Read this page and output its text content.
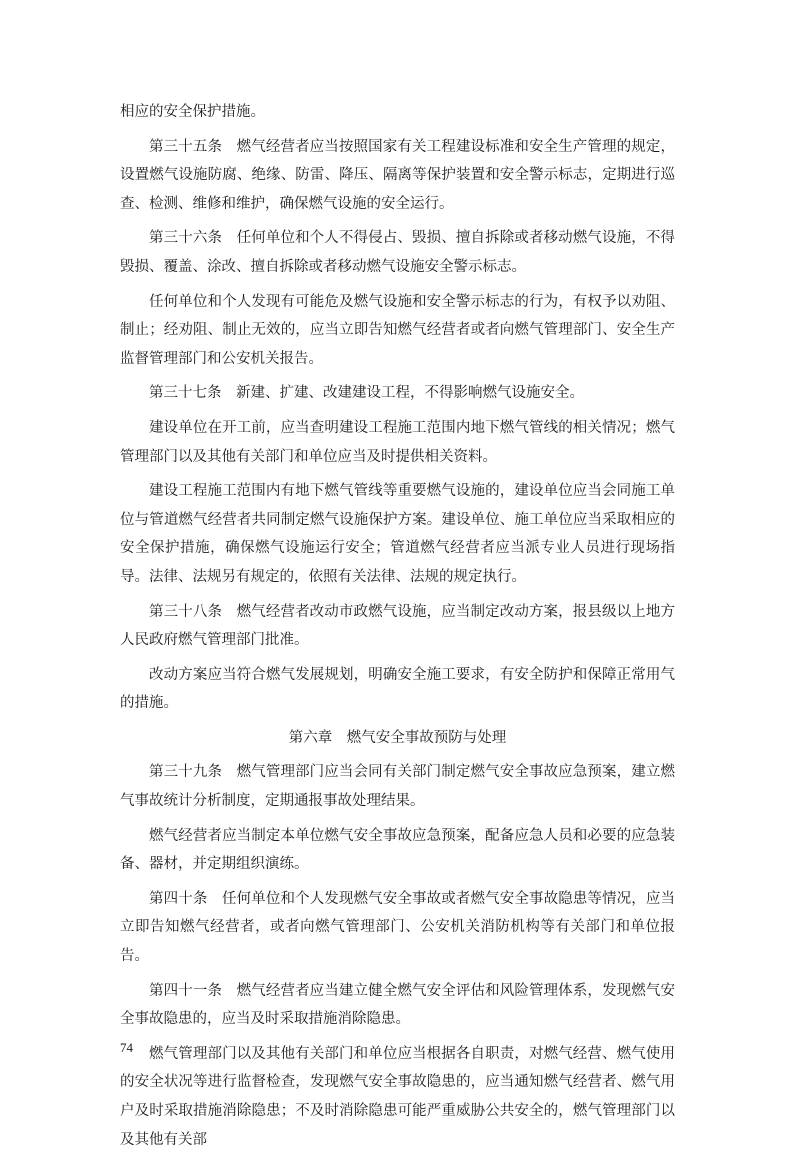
相应的安全保护措施。

第三十五条 燃气经营者应当按照国家有关工程建设标准和安全生产管理的规定，设置燃气设施防腐、绝缘、防雷、降压、隔离等保护装置和安全警示标志，定期进行巡查、检测、维修和维护，确保燃气设施的安全运行。

第三十六条 任何单位和个人不得侵占、毁损、擅自拆除或者移动燃气设施，不得毁损、覆盖、涂改、擅自拆除或者移动燃气设施安全警示标志。

任何单位和个人发现有可能危及燃气设施和安全警示标志的行为，有权予以劝阻、制止；经劝阻、制止无效的，应当立即告知燃气经营者或者向燃气管理部门、安全生产监督管理部门和公安机关报告。

第三十七条 新建、扩建、改建建设工程，不得影响燃气设施安全。

建设单位在开工前，应当查明建设工程施工范围内地下燃气管线的相关情况；燃气管理部门以及其他有关部门和单位应当及时提供相关资料。

建设工程施工范围内有地下燃气管线等重要燃气设施的，建设单位应当会同施工单位与管道燃气经营者共同制定燃气设施保护方案。建设单位、施工单位应当采取相应的安全保护措施，确保燃气设施运行安全；管道燃气经营者应当派专业人员进行现场指导。法律、法规另有规定的，依照有关法律、法规的规定执行。

第三十八条 燃气经营者改动市政燃气设施，应当制定改动方案，报县级以上地方人民政府燃气管理部门批准。

改动方案应当符合燃气发展规划，明确安全施工要求，有安全防护和保障正常用气的措施。

第六章　燃气安全事故预防与处理

第三十九条 燃气管理部门应当会同有关部门制定燃气安全事故应急预案，建立燃气事故统计分析制度，定期通报事故处理结果。

燃气经营者应当制定本单位燃气安全事故应急预案，配备应急人员和必要的应急装备、器材，并定期组织演练。

第四十条 任何单位和个人发现燃气安全事故或者燃气安全事故隐患等情况，应当立即告知燃气经营者，或者向燃气管理部门、公安机关消防机构等有关部门和单位报告。

第四十一条 燃气经营者应当建立健全燃气安全评估和风险管理体系，发现燃气安全事故隐患的，应当及时采取措施消除隐患。

燃气管理部门以及其他有关部门和单位应当根据各自职责，对燃气经营、燃气使用的安全状况等进行监督检查，发现燃气安全事故隐患的，应当通知燃气经营者、燃气用户及时采取措施消除隐患；不及时消除隐患可能严重威胁公共安全的，燃气管理部门以及其他有关部

74
